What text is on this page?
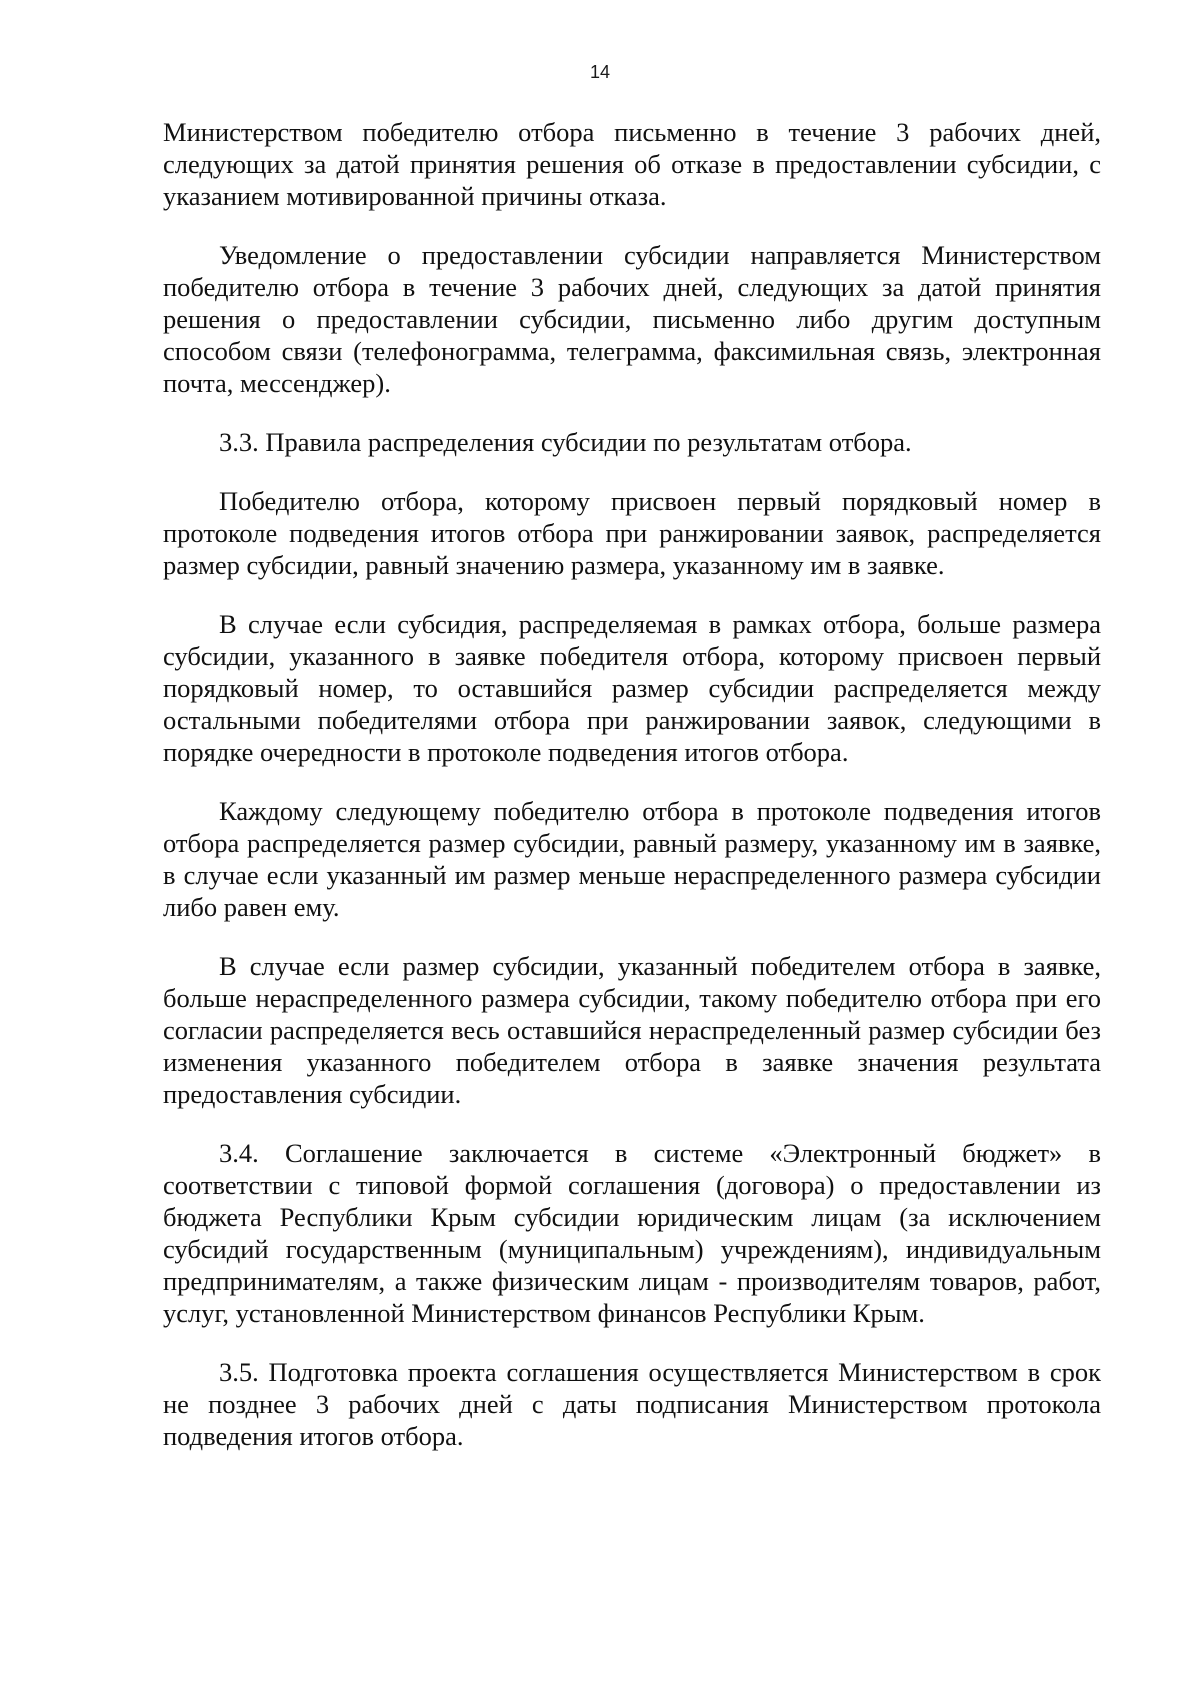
14

Министерством победителю отбора письменно в течение 3 рабочих дней, следующих за датой принятия решения об отказе в предоставлении субсидии, с указанием мотивированной причины отказа.

Уведомление о предоставлении субсидии направляется Министерством победителю отбора в течение 3 рабочих дней, следующих за датой принятия решения о предоставлении субсидии, письменно либо другим доступным способом связи (телефонограмма, телеграмма, факсимильная связь, электронная почта, мессенджер).

3.3. Правила распределения субсидии по результатам отбора.

Победителю отбора, которому присвоен первый порядковый номер в протоколе подведения итогов отбора при ранжировании заявок, распределяется размер субсидии, равный значению размера, указанному им в заявке.

В случае если субсидия, распределяемая в рамках отбора, больше размера субсидии, указанного в заявке победителя отбора, которому присвоен первый порядковый номер, то оставшийся размер субсидии распределяется между остальными победителями отбора при ранжировании заявок, следующими в порядке очередности в протоколе подведения итогов отбора.

Каждому следующему победителю отбора в протоколе подведения итогов отбора распределяется размер субсидии, равный размеру, указанному им в заявке, в случае если указанный им размер меньше нераспределенного размера субсидии либо равен ему.

В случае если размер субсидии, указанный победителем отбора в заявке, больше нераспределенного размера субсидии, такому победителю отбора при его согласии распределяется весь оставшийся нераспределенный размер субсидии без изменения указанного победителем отбора в заявке значения результата предоставления субсидии.

3.4. Соглашение заключается в системе «Электронный бюджет» в соответствии с типовой формой соглашения (договора) о предоставлении из бюджета Республики Крым субсидии юридическим лицам (за исключением субсидий государственным (муниципальным) учреждениям), индивидуальным предпринимателям, а также физическим лицам - производителям товаров, работ, услуг, установленной Министерством финансов Республики Крым.

3.5. Подготовка проекта соглашения осуществляется Министерством в срок не позднее 3 рабочих дней с даты подписания Министерством протокола подведения итогов отбора.
